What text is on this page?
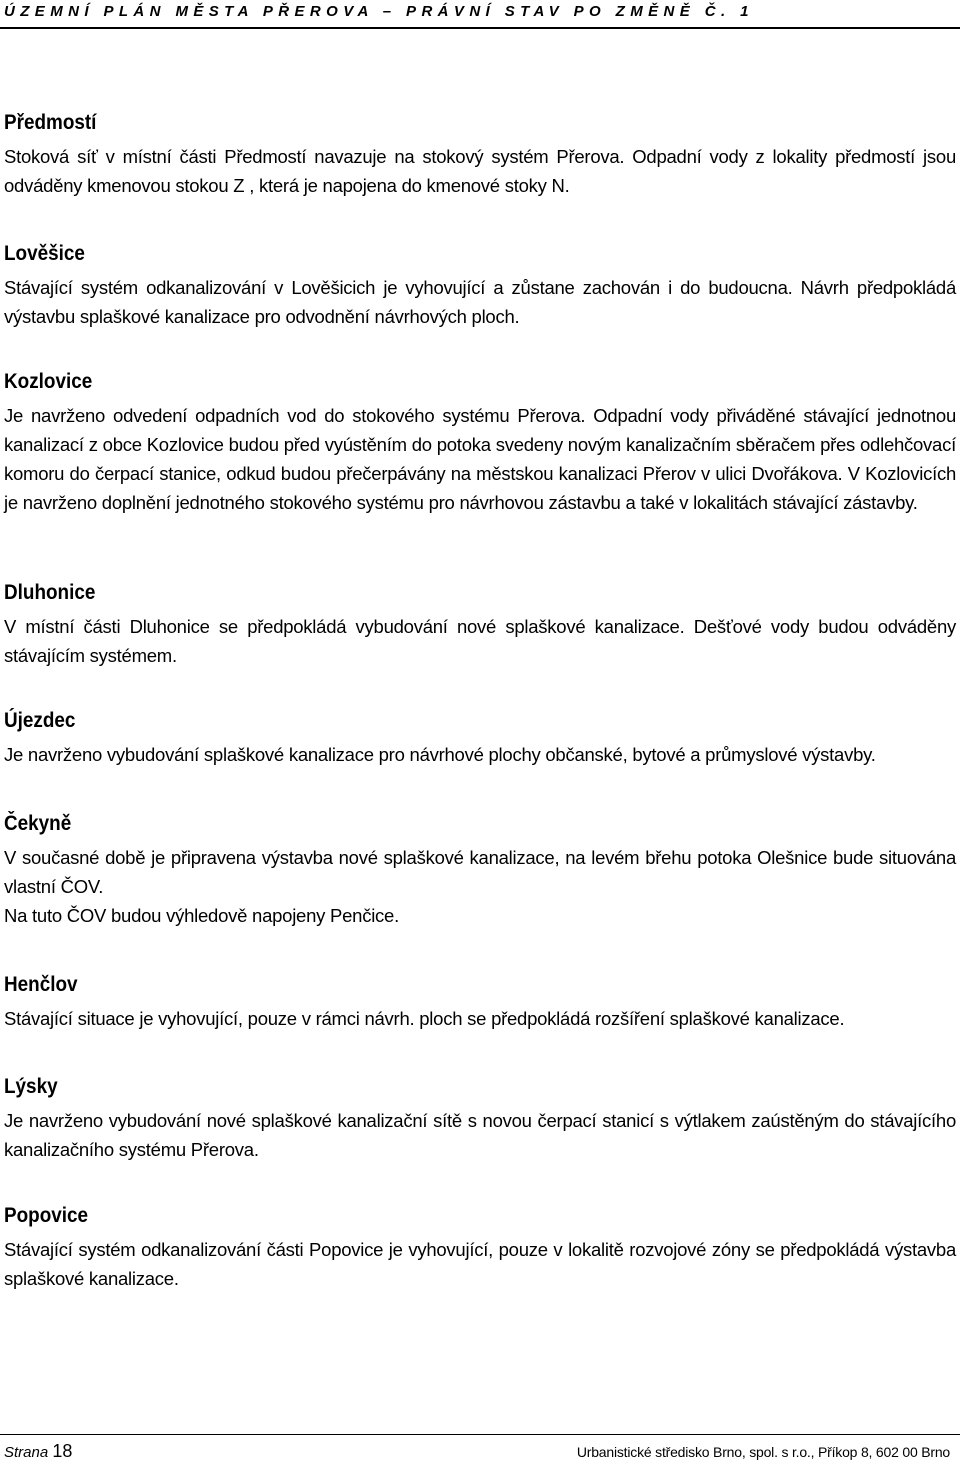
ÚZEMNÍ PLÁN MĚSTA PŘEROVA – PRÁVNÍ STAV PO ZMĚNĚ Č. 1
Předmostí

Stoková síť v místní části Předmostí navazuje na stokový systém Přerova. Odpadní vody z lokality předmostí jsou odváděny kmenovou stokou Z , která je napojena do kmenové stoky N.

Lověšice

Stávající systém odkanalizování v Lověšicich je vyhovující a zůstane zachován i do budoucna. Návrh předpokládá výstavbu splaškové kanalizace pro odvodnění návrhových ploch.

Kozlovice

Je navrženo odvedení odpadních vod do stokového systému Přerova. Odpadní vody přiváděné stávající jednotnou kanalizací z obce Kozlovice budou před vyústěním do potoka svedeny novým kanalizačním sběračem přes odlehčovací komoru do čerpací stanice, odkud budou přečerpávány na městskou kanalizaci Přerov v ulici Dvořákova. V Kozlovicích je navrženo doplnění jednotného stokového systému pro návrhovou zástavbu a také v lokalitách stávající zástavby.

Dluhonice

V místní části Dluhonice se předpokládá vybudování nové splaškové kanalizace. Dešťové vody budou odváděny stávajícím systémem.

Újezdec

Je navrženo vybudování splaškové kanalizace pro návrhové plochy občanské, bytové a průmyslové výstavby.

Čekyně

V současné době je připravena výstavba nové splaškové kanalizace, na levém břehu potoka Olešnice bude situována vlastní ČOV.

Na tuto ČOV budou výhledově napojeny Penčice.

Henčlov

Stávající situace je vyhovující, pouze v rámci návrh. ploch se předpokládá rozšíření splaškové kanalizace.

Lýsky

Je navrženo vybudování nové splaškové kanalizační sítě s novou čerpací stanicí s výtlakem zaústěným do stávajícího kanalizačního systému Přerova.

Popovice

Stávající systém odkanalizování části Popovice je vyhovující, pouze v lokalitě rozvojové zóny se předpokládá výstavba splaškové kanalizace.

Strana 18	Urbanistické středisko Brno, spol. s r.o., Příkop 8, 602 00 Brno
